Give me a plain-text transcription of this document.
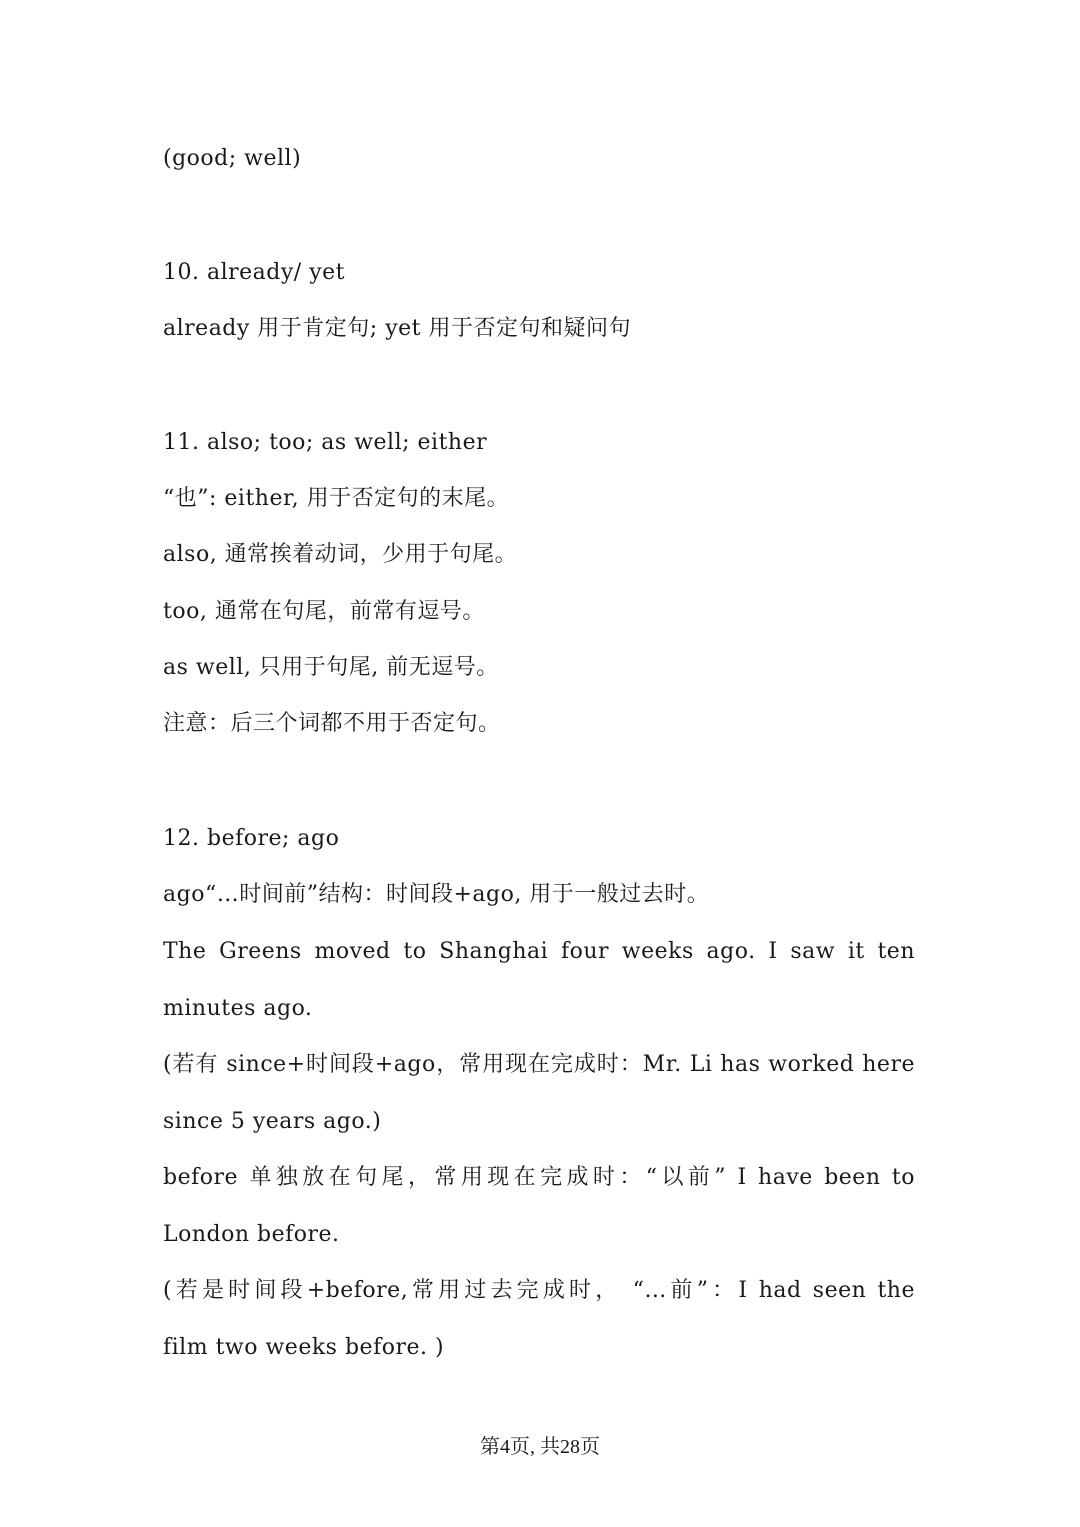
(good; well)

10. already/ yet

already 用于肯定句; yet 用于否定句和疑问句

11. also; too; as well; either

“也”: either, 用于否定句的末尾。

also, 通常挨着动词，少用于句尾。

too, 通常在句尾，前常有逗号。

as well, 只用于句尾, 前无逗号。

注意：后三个词都不用于否定句。

12. before; ago

ago“…时间前”结构：时间段+ago, 用于一般过去时。

The Greens moved to Shanghai four weeks ago. I saw it ten

minutes ago.

(若有 since+时间段+ago，常用现在完成时：Mr. Li has worked here

since 5 years ago.)

before 单独放在句尾，常用现在完成时：“以前” I have been to

London before.

(若是时间段+before,常用过去完成时， “…前”：I had seen the

film two weeks before. )

第4页, 共28页
